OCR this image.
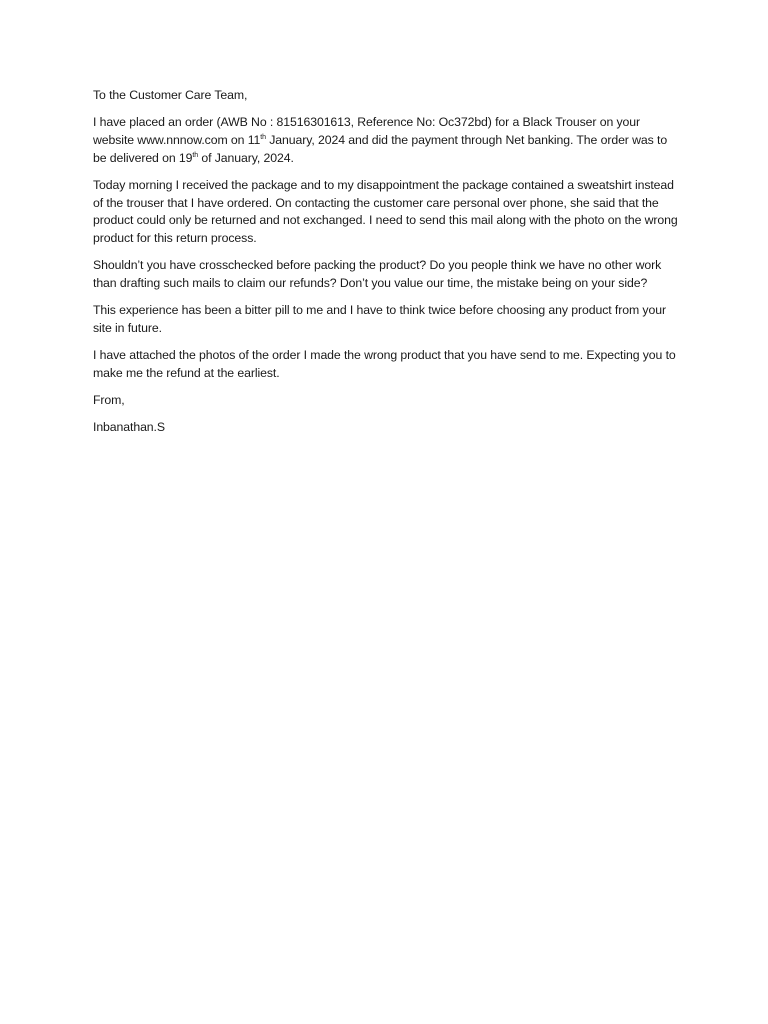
To the Customer Care Team,

I have placed an order (AWB No : 81516301613, Reference No: Oc372bd) for a Black Trouser on your website www.nnnow.com on 11th January, 2024 and did the payment through Net banking. The order was to be delivered on 19th of January, 2024.

Today morning I received the package and to my disappointment the package contained a sweatshirt instead of the trouser that I have ordered. On contacting the customer care personal over phone, she said that the product could only be returned and not exchanged. I need to send this mail along with the photo on the wrong product for this return process.

Shouldn’t you have crosschecked before packing the product? Do you people think we have no other work than drafting such mails to claim our refunds? Don’t you value our time, the mistake being on your side?

This experience has been a bitter pill to me and I have to think twice before choosing any product from your site in future.

I have attached the photos of the order I made the wrong product that you have send to me. Expecting you to make me the refund at the earliest.

From,

Inbanathan.S
